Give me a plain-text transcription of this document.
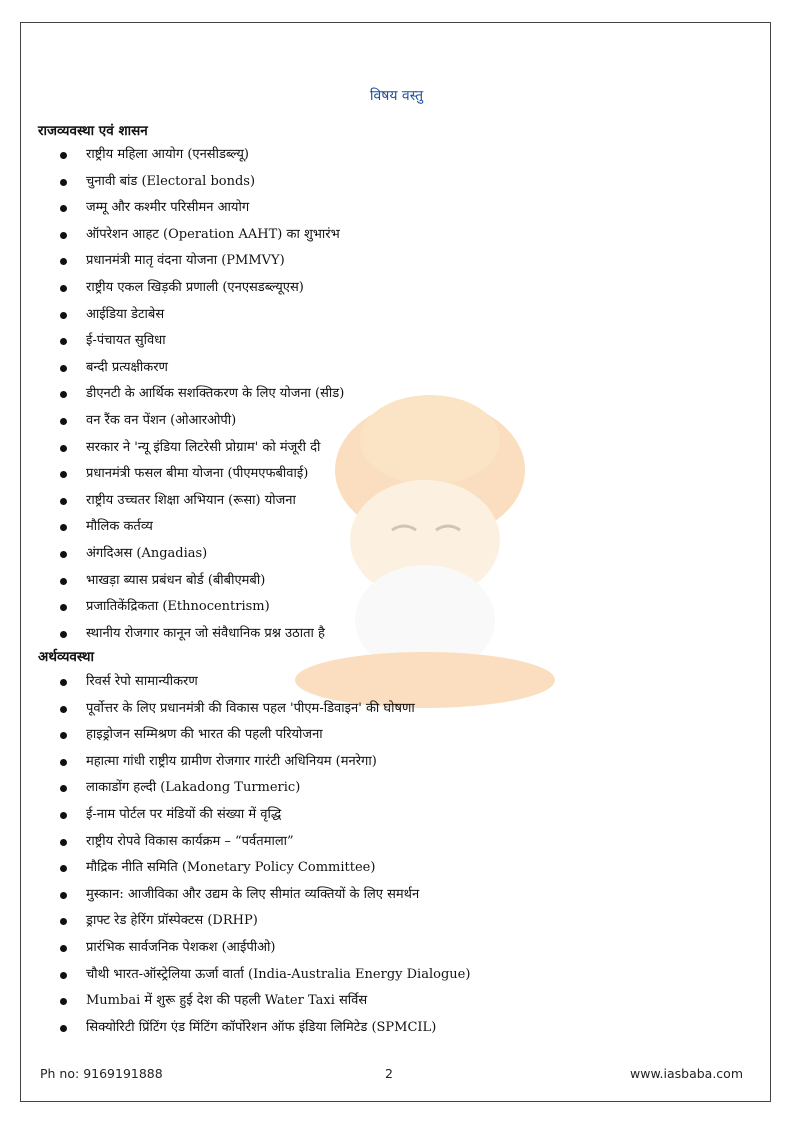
विषय वस्तु
राजव्यवस्था एवं शासन
राष्ट्रीय महिला आयोग (एनसीडब्ल्यू)
चुनावी बांड (Electoral bonds)
जम्मू और कश्मीर परिसीमन आयोग
ऑपरेशन आहट (Operation AAHT) का शुभारंभ
प्रधानमंत्री मातृ वंदना योजना (PMMVY)
राष्ट्रीय एकल खिड़की प्रणाली (एनएसडब्ल्यूएस)
आईडिया डेटाबेस
ई-पंचायत सुविधा
बन्दी प्रत्यक्षीकरण
डीएनटी के आर्थिक सशक्तिकरण के लिए योजना (सीड)
वन रैंक वन पेंशन (ओआरओपी)
सरकार ने 'न्यू इंडिया लिटरेसी प्रोग्राम' को मंजूरी दी
प्रधानमंत्री फसल बीमा योजना (पीएमएफबीवाई)
राष्ट्रीय उच्चतर शिक्षा अभियान (रूसा) योजना
मौलिक कर्तव्य
अंगदिअस (Angadias)
भाखड़ा ब्यास प्रबंधन बोर्ड (बीबीएमबी)
प्रजातिकेंद्रिकता (Ethnocentrism)
स्थानीय रोजगार कानून जो संवैधानिक प्रश्न उठाता है
अर्थव्यवस्था
रिवर्स रेपो सामान्यीकरण
पूर्वोत्तर के लिए प्रधानमंत्री की विकास पहल 'पीएम-डिवाइन' की घोषणा
हाइड्रोजन सम्मिश्रण की भारत की पहली परियोजना
महात्मा गांधी राष्ट्रीय ग्रामीण रोजगार गारंटी अधिनियम (मनरेगा)
लाकाडोंग हल्दी (Lakadong Turmeric)
ई-नाम पोर्टल पर मंडियों की संख्या में वृद्धि
राष्ट्रीय रोपवे विकास कार्यक्रम – “पर्वतमाला”
मौद्रिक नीति समिति (Monetary Policy Committee)
मुस्कान: आजीविका और उद्यम के लिए सीमांत व्यक्तियों के लिए समर्थन
ड्राफ्ट रेड हेरिंग प्रॉस्पेक्टस (DRHP)
प्रारंभिक सार्वजनिक पेशकश (आईपीओ)
चौथी भारत-ऑस्ट्रेलिया ऊर्जा वार्ता (India-Australia Energy Dialogue)
Mumbai में शुरू हुई देश की पहली Water Taxi सर्विस
सिक्योरिटी प्रिंटिंग एंड मिंटिंग कॉर्पोरेशन ऑफ इंडिया लिमिटेड (SPMCIL)
Ph no: 9169191888	2	www.iasbaba.com
